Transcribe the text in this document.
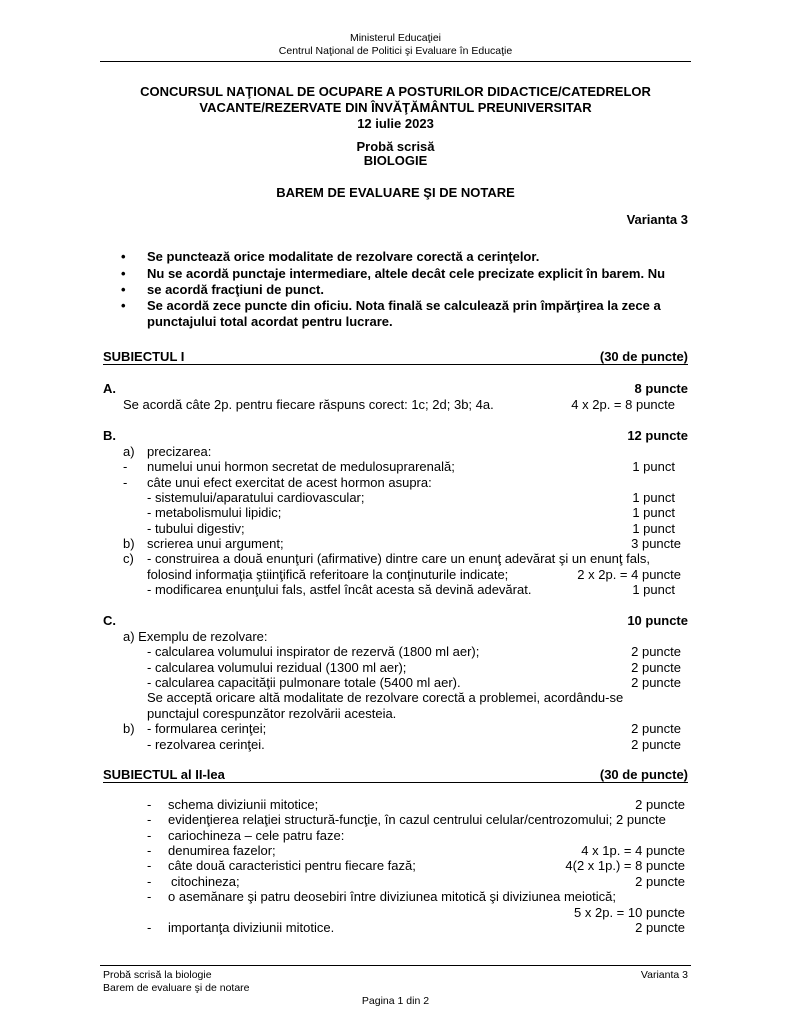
Ministerul Educaţiei
Centrul Naţional de Politici şi Evaluare în Educaţie
CONCURSUL NAŢIONAL DE OCUPARE A POSTURILOR DIDACTICE/CATEDRELOR
VACANTE/REZERVATE DIN ÎNVĂŢĂMÂNTUL PREUNIVERSITAR
12 iulie 2023
Probă scrisă
BIOLOGIE
BAREM DE EVALUARE ŞI DE NOTARE
Varianta 3
• Se punctează orice modalitate de rezolvare corectă a cerinţelor.
• Nu se acordă punctaje intermediare, altele decât cele precizate explicit în barem. Nu
• se acordă fracţiuni de punct.
• Se acordă zece puncte din oficiu. Nota finală se calculează prin împărţirea la zece a
punctajului total acordat pentru lucrare.
SUBIECTUL I	(30 de puncte)
A.	8 puncte
Se acordă câte 2p. pentru fiecare răspuns corect: 1c; 2d; 3b; 4a.	4 x 2p. = 8 puncte
B.	12 puncte
a) precizarea:
- numelui unui hormon secretat de medulosuprarenală;	1 punct
- câte unui efect exercitat de acest hormon asupra:
- sistemului/aparatului cardiovascular;	1 punct
- metabolismului lipidic;	1 punct
- tubului digestiv;	1 punct
b) scrierea unui argument;	3 puncte
c) - construirea a două enunţuri (afirmative) dintre care un enunţ adevărat şi un enunţ fals,
folosind informaţia ştiinţifică referitoare la conţinuturile indicate;	2 x 2p. = 4 puncte
- modificarea enunţului fals, astfel încât acesta să devină adevărat.	1 punct
C.	10 puncte
a) Exemplu de rezolvare:
- calcularea volumului inspirator de rezervă (1800 ml aer);	2 puncte
- calcularea volumului rezidual (1300 ml aer);	2 puncte
- calcularea capacităţii pulmonare totale (5400 ml aer).	2 puncte
Se acceptă oricare altă modalitate de rezolvare corectă a problemei, acordându-se
punctajul corespunzător rezolvării acesteia.
b) - formularea cerinţei;	2 puncte
- rezolvarea cerinţei.	2 puncte
SUBIECTUL al II-lea	(30 de puncte)
- schema diviziunii mitotice;	2 puncte
- evidenţierea relaţiei structură-funcţie, în cazul centrului celular/centrozomului; 2 puncte
- cariochineza – cele patru faze:
- denumirea fazelor;	4 x 1p. = 4 puncte
- câte două caracteristici pentru fiecare fază;	4(2 x 1p.) = 8 puncte
- citochineza;	2 puncte
- o asemănare şi patru deosebiri între diviziunea mitotică şi diviziunea meiotică;
5 x 2p. = 10 puncte
- importanţa diviziunii mitotice.	2 puncte
Probă scrisă la biologie	Varianta 3
Barem de evaluare şi de notare
Pagina 1 din 2
